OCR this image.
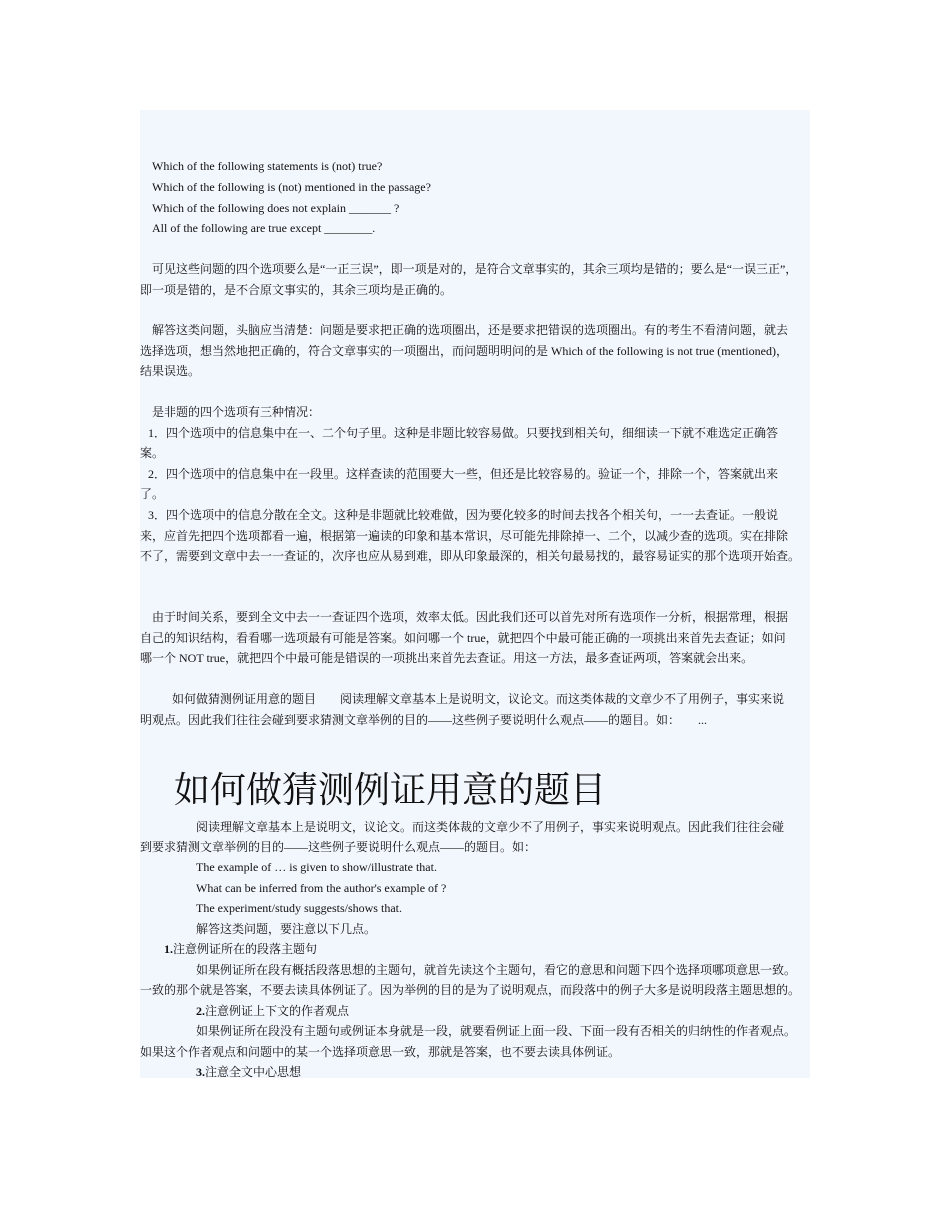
Which of the following statements is (not) true?
Which of the following is (not) mentioned in the passage?
Which of the following does not explain _______ ?
All of the following are true except ________.
可见这些问题的四个选项要么是“一正三误”，即一项是对的，是符合文章事实的，其余三项均是错的；要么是“一误三正”，
即一项是错的，是不合原文事实的，其余三项均是正确的。
解答这类问题，头脑应当清楚：问题是要求把正确的选项圈出，还是要求把错误的选项圈出。有的考生不看清问题，就去
选择选项，想当然地把正确的，符合文章事实的一项圈出，而问题明明问的是 Which of the following is not true (mentioned)，
结果误选。
是非题的四个选项有三种情况：
1．四个选项中的信息集中在一、二个句子里。这种是非题比较容易做。只要找到相关句，细细读一下就不难选定正确答
案。
2．四个选项中的信息集中在一段里。这样查读的范围要大一些，但还是比较容易的。验证一个，排除一个，答案就出来
了。
3．四个选项中的信息分散在全文。这种是非题就比较难做，因为要化较多的时间去找各个相关句，一一去查证。一般说
来，应首先把四个选项都看一遍，根据第一遍读的印象和基本常识，尽可能先排除掉一、二个，以减少查的选项。实在排除
不了，需要到文章中去一一查证的，次序也应从易到难，即从印象最深的，相关句最易找的，最容易证实的那个选项开始查。
由于时间关系，要到全文中去一一查证四个选项，效率太低。因此我们还可以首先对所有选项作一分析，根据常理，根据
自己的知识结构，看看哪一选项最有可能是答案。如问哪一个 true，就把四个中最可能正确的一项挑出来首先去查证；如问
哪一个 NOT true，就把四个中最可能是错误的一项挑出来首先去查证。用这一方法，最多查证两项，答案就会出来。
如何做猜测例证用意的题目　　阅读理解文章基本上是说明文，议论文。而这类体裁的文章少不了用例子，事实来说
明观点。因此我们往往会碰到要求猜测文章举例的目的——这些例子要说明什么观点——的题目。如：　　...
如何做猜测例证用意的题目
阅读理解文章基本上是说明文，议论文。而这类体裁的文章少不了用例子，事实来说明观点。因此我们往往会碰
到要求猜测文章举例的目的——这些例子要说明什么观点——的题目。如：
The example of … is given to show/illustrate that.
What can be inferred from the author's example of ?
The experiment/study suggests/shows that.
解答这类问题，要注意以下几点。
1.注意例证所在的段落主题句
如果例证所在段有概括段落思想的主题句，就首先读这个主题句，看它的意思和问题下四个选择项哪项意思一致。
一致的那个就是答案，不要去读具体例证了。因为举例的目的是为了说明观点，而段落中的例子大多是说明段落主题思想的。
2.注意例证上下文的作者观点
如果例证所在段没有主题句或例证本身就是一段，就要看例证上面一段、下面一段有否相关的归纳性的作者观点。
如果这个作者观点和问题中的某一个选择项意思一致，那就是答案，也不要去读具体例证。
3.注意全文中心思想
